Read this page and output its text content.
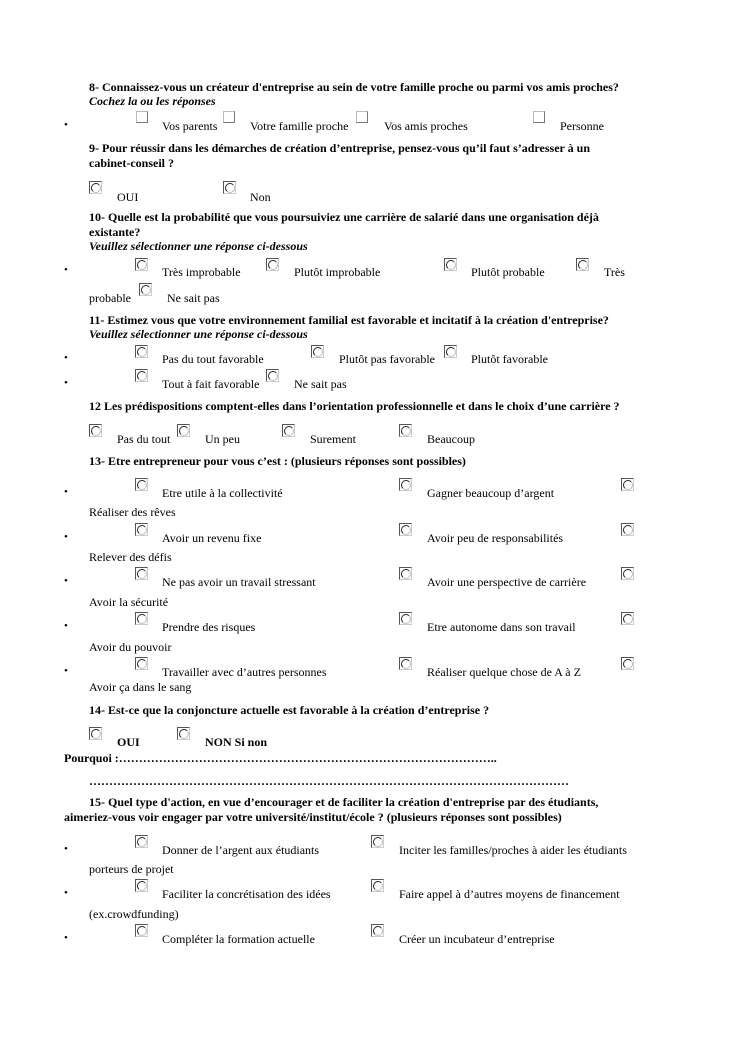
8- Connaissez-vous un créateur d'entreprise au sein de votre famille proche ou parmi vos amis proches?
Cochez la ou les réponses
•	Vos parents	Votre famille proche	Vos amis proches	Personne
9- Pour réussir dans les démarches de création d’entreprise, pensez-vous qu’il faut s’adresser à un
cabinet-conseil ?
OUI	Non
10- Quelle est la probabilité que vous poursuiviez une carrière de salarié dans une organisation déjà
existante?
Veuillez sélectionner une réponse ci-dessous
•	Très improbable	Plutôt improbable	Plutôt probable	Très
probable	Ne sait pas
11- Estimez vous que votre environnement familial est favorable et incitatif à la création d'entreprise?
Veuillez sélectionner une réponse ci-dessous
•	Pas du tout favorable	Plutôt pas favorable	Plutôt favorable
•	Tout à fait favorable	Ne sait pas
12 Les prédispositions comptent-elles dans l’orientation professionnelle et dans le choix d’une carrière ?
Pas du tout	Un peu	Surement	Beaucoup
13- Etre entrepreneur pour vous c’est : (plusieurs réponses sont possibles)
•	Etre utile à la collectivité	Gagner beaucoup d’argent
Réaliser des rêves
•	Avoir un revenu fixe	Avoir peu de responsabilités
Relever des défis
•	Ne pas avoir un travail stressant	Avoir une perspective de carrière
Avoir la sécurité
•	Prendre des risques	Etre autonome dans son travail
Avoir du pouvoir
•	Travailler avec d’autres personnes	Réaliser quelque chose de A à Z
Avoir ça dans le sang
14- Est-ce que la conjoncture actuelle est favorable à la création d’entreprise ?
OUI	NON Si non
Pourquoi :…………………………………………………………………………………..
…………………………………………………………………………………………………………
15- Quel type d'action, en vue d’encourager et de faciliter la création d'entreprise par des étudiants,
aimeriez-vous voir engager par votre université/institut/école ? (plusieurs réponses sont possibles)
•	Donner de l’argent aux étudiants	Inciter les familles/proches à aider les étudiants
porteurs de projet
•	Faciliter la concrétisation des idées	Faire appel à d’autres moyens de financement
(ex.crowdfunding)
•	Compléter la formation actuelle	Créer un incubateur d’entreprise
